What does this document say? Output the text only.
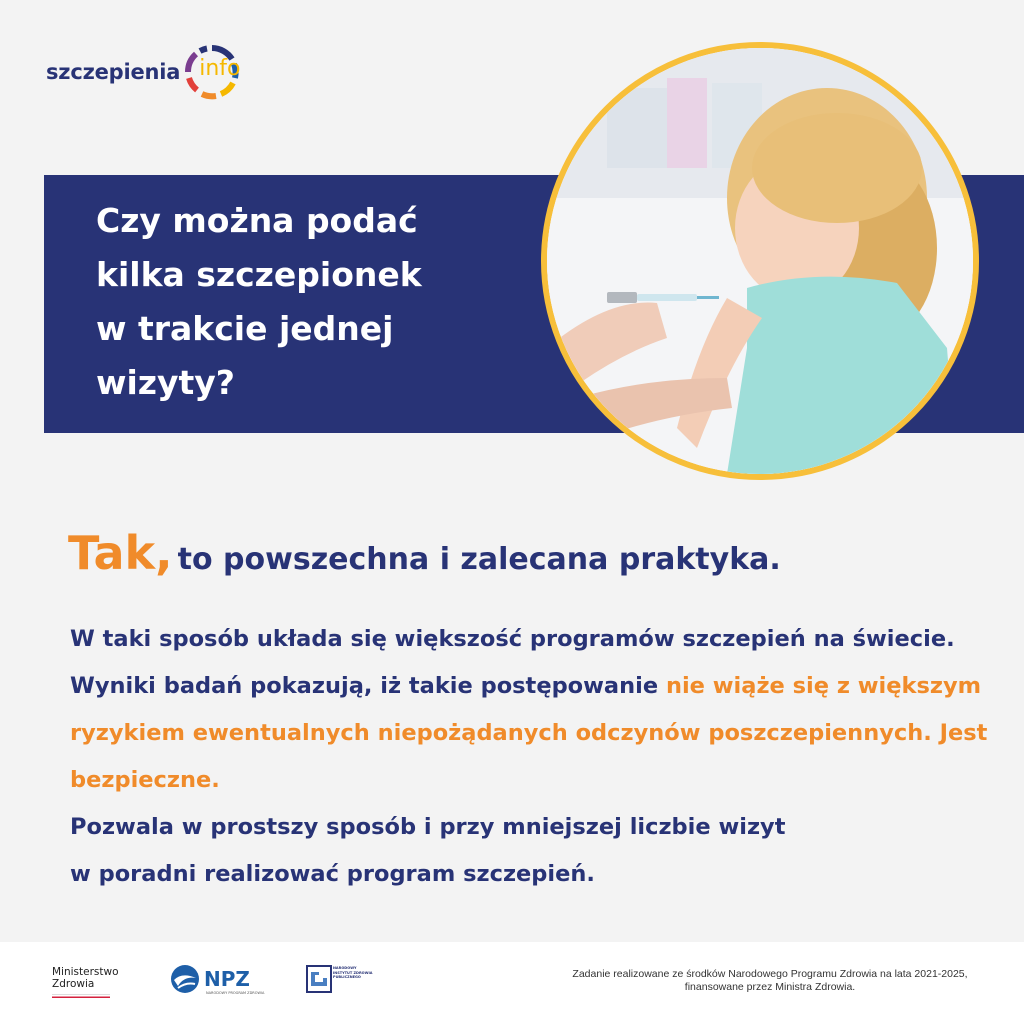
szczepienia info
Czy można podać
kilka szczepionek
w trakcie jednej
wizyty?
Tak, to powszechna i zalecana praktyka.
W taki sposób układa się większość programów szczepień na świecie. Wyniki badań pokazują, iż takie postępowanie nie wiąże się z większym ryzykiem ewentualnych niepożądanych odczynów poszczepiennych. Jest bezpieczne.
Pozwala w prostszy sposób i przy mniejszej liczbie wizyt
w poradni realizować program szczepień.
Ministerstwo
Zdrowia	NPZ
NARODOWY PROGRAM ZDROWIA
NARODOWY INSTYTUT ZDROWIA PUBLICZNEGO	Zadanie realizowane ze środków Narodowego Programu Zdrowia na lata 2021-2025,
finansowane przez Ministra Zdrowia.
